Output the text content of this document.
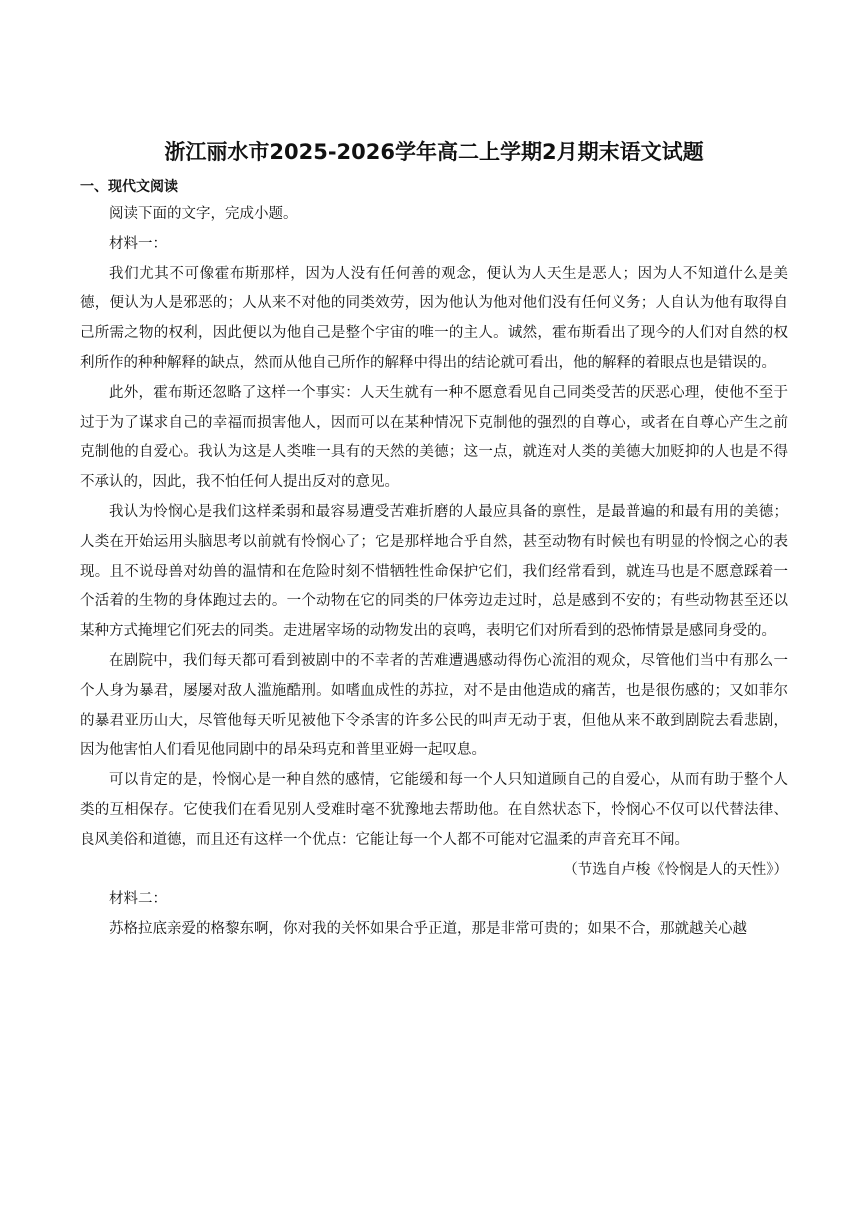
浙江丽水市2025-2026学年高二上学期2月期末语文试题
一、现代文阅读

阅读下面的文字，完成小题。

材料一：

我们尤其不可像霍布斯那样，因为人没有任何善的观念，便认为人天生是恶人；因为人不知道什么是美德，便认为人是邪恶的；人从来不对他的同类效劳，因为他认为他对他们没有任何义务；人自认为他有取得自己所需之物的权利，因此便以为他自己是整个宇宙的唯一的主人。诚然，霍布斯看出了现今的人们对自然的权利所作的种种解释的缺点，然而从他自己所作的解释中得出的结论就可看出，他的解释的着眼点也是错误的。

此外，霍布斯还忽略了这样一个事实：人天生就有一种不愿意看见自己同类受苦的厌恶心理，使他不至于过于为了谋求自己的幸福而损害他人，因而可以在某种情况下克制他的强烈的自尊心，或者在自尊心产生之前克制他的自爱心。我认为这是人类唯一具有的天然的美德；这一点，就连对人类的美德大加贬抑的人也是不得不承认的，因此，我不怕任何人提出反对的意见。

我认为怜悯心是我们这样柔弱和最容易遭受苦难折磨的人最应具备的禀性，是最普遍的和最有用的美德；人类在开始运用头脑思考以前就有怜悯心了；它是那样地合乎自然，甚至动物有时候也有明显的怜悯之心的表现。且不说母兽对幼兽的温情和在危险时刻不惜牺牲性命保护它们，我们经常看到，就连马也是不愿意踩着一个活着的生物的身体跑过去的。一个动物在它的同类的尸体旁边走过时，总是感到不安的；有些动物甚至还以某种方式掩埋它们死去的同类。走进屠宰场的动物发出的哀鸣，表明它们对所看到的恐怖情景是感同身受的。

在剧院中，我们每天都可看到被剧中的不幸者的苦难遭遇感动得伤心流泪的观众，尽管他们当中有那么一个人身为暴君，屡屡对敌人滥施酷刑。如嗜血成性的苏拉，对不是由他造成的痛苦，也是很伤感的；又如菲尔的暴君亚历山大，尽管他每天听见被他下令杀害的许多公民的叫声无动于衷，但他从来不敢到剧院去看悲剧，因为他害怕人们看见他同剧中的昂朵玛克和普里亚姆一起叹息。

可以肯定的是，怜悯心是一种自然的感情，它能缓和每一个人只知道顾自己的自爱心，从而有助于整个人类的互相保存。它使我们在看见别人受难时毫不犹豫地去帮助他。在自然状态下，怜悯心不仅可以代替法律、良风美俗和道德，而且还有这样一个优点：它能让每一个人都不可能对它温柔的声音充耳不闻。

（节选自卢梭《怜悯是人的天性》）

材料二：

苏格拉底亲爱的格黎东啊，你对我的关怀如果合乎正道，那是非常可贵的；如果不合，那就越关心越
